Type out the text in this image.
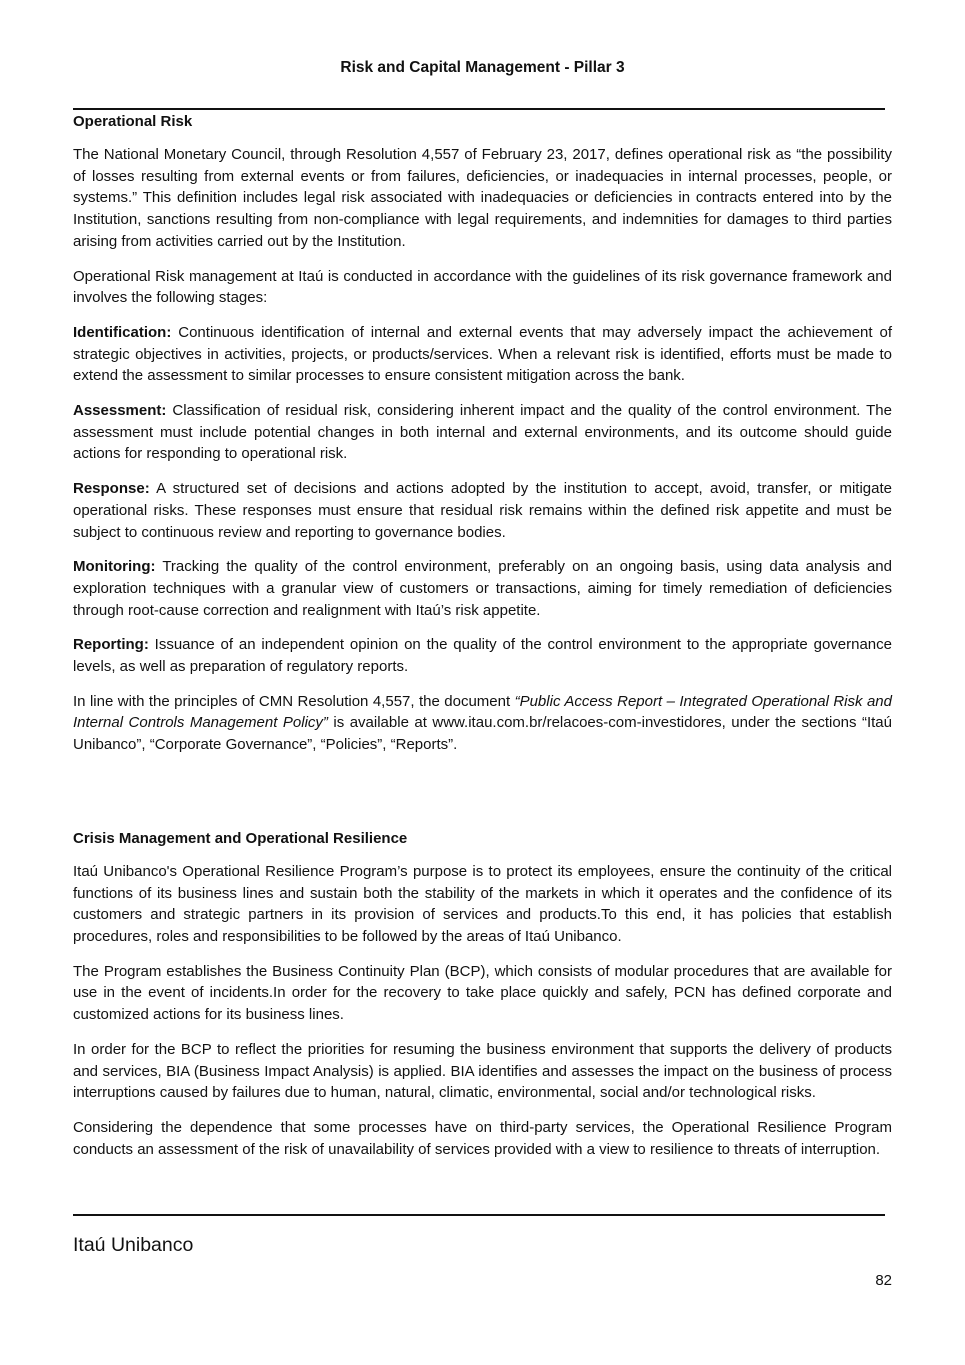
Risk and Capital Management - Pillar 3
Operational Risk

The National Monetary Council, through Resolution 4,557 of February 23, 2017, defines operational risk as “the possibility of losses resulting from external events or from failures, deficiencies, or inadequacies in internal processes, people, or systems.” This definition includes legal risk associated with inadequacies or deficiencies in contracts entered into by the Institution, sanctions resulting from non-compliance with legal requirements, and indemnities for damages to third parties arising from activities carried out by the Institution.

Operational Risk management at Itaú is conducted in accordance with the guidelines of its risk governance framework and involves the following stages:

Identification: Continuous identification of internal and external events that may adversely impact the achievement of strategic objectives in activities, projects, or products/services. When a relevant risk is identified, efforts must be made to extend the assessment to similar processes to ensure consistent mitigation across the bank.

Assessment: Classification of residual risk, considering inherent impact and the quality of the control environment. The assessment must include potential changes in both internal and external environments, and its outcome should guide actions for responding to operational risk.

Response: A structured set of decisions and actions adopted by the institution to accept, avoid, transfer, or mitigate operational risks. These responses must ensure that residual risk remains within the defined risk appetite and must be subject to continuous review and reporting to governance bodies.

Monitoring: Tracking the quality of the control environment, preferably on an ongoing basis, using data analysis and exploration techniques with a granular view of customers or transactions, aiming for timely remediation of deficiencies through root-cause correction and realignment with Itaú’s risk appetite.

Reporting: Issuance of an independent opinion on the quality of the control environment to the appropriate governance levels, as well as preparation of regulatory reports.

In line with the principles of CMN Resolution 4,557, the document “Public Access Report – Integrated Operational Risk and Internal Controls Management Policy” is available at www.itau.com.br/relacoes-com-investidores, under the sections “Itaú Unibanco”, “Corporate Governance”, “Policies”, “Reports”.

Crisis Management and Operational Resilience

Itaú Unibanco's Operational Resilience Program’s purpose is to protect its employees, ensure the continuity of the critical functions of its business lines and sustain both the stability of the markets in which it operates and the confidence of its customers and strategic partners in its provision of services and products.To this end, it has policies that establish procedures, roles and responsibilities to be followed by the areas of Itaú Unibanco.

The Program establishes the Business Continuity Plan (BCP), which consists of modular procedures that are available for use in the event of incidents.In order for the recovery to take place quickly and safely, PCN has defined corporate and customized actions for its business lines.

In order for the BCP to reflect the priorities for resuming the business environment that supports the delivery of products and services, BIA (Business Impact Analysis) is applied. BIA identifies and assesses the impact on the business of process interruptions caused by failures due to human, natural, climatic, environmental, social and/or technological risks.

Considering the dependence that some processes have on third-party services, the Operational Resilience Program conducts an assessment of the risk of unavailability of services provided with a view to resilience to threats of interruption.

Itaú Unibanco
82
